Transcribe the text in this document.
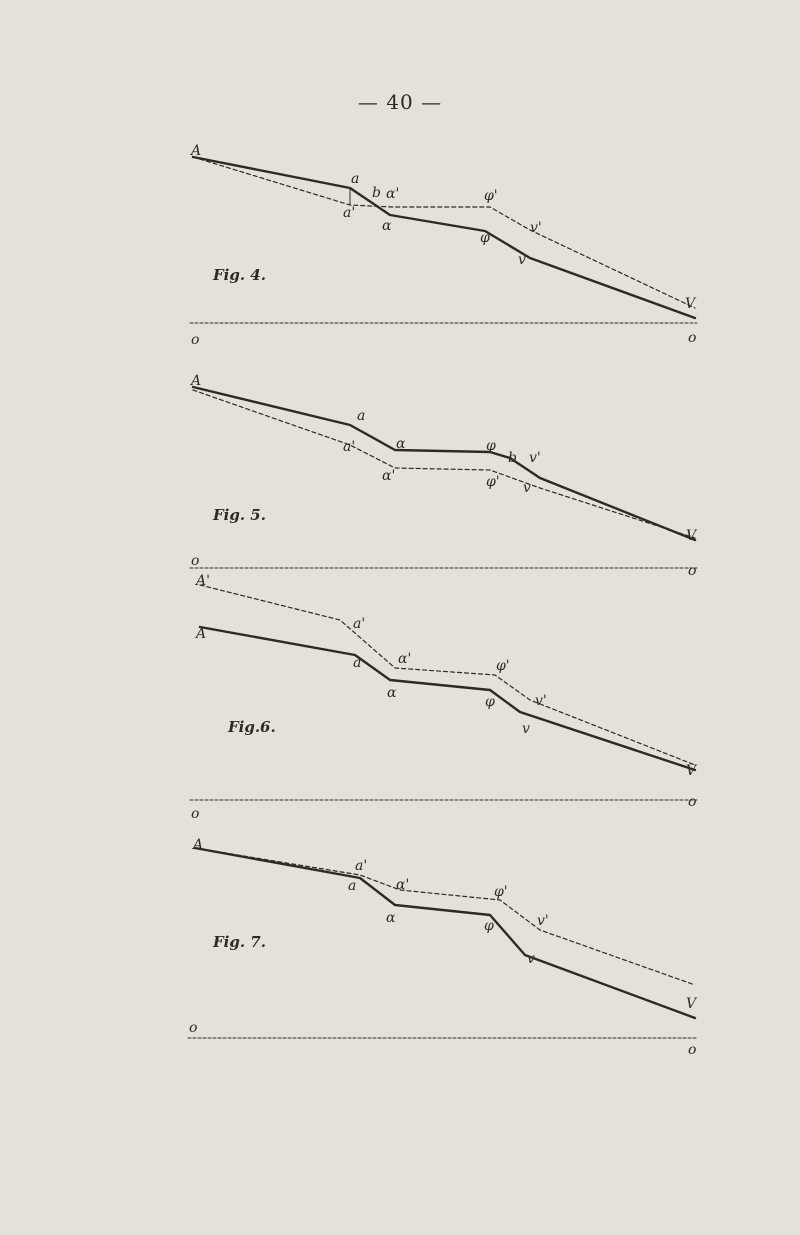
— 40 —
A
a
b α'
a'
α
φ'
φ
v'
v
V
o	o
Fig. 4.
A
a
a'	α
α'
φ
φ'
b v'
v
V
o
o
Fig. 5.
A'
A
a'
a	α'
α
φ'
φ	v'
v
V
o
o
Fig.6.
A
a'
a	α'
α
φ'
φ	v'
v
V
o
o
Fig. 7.
